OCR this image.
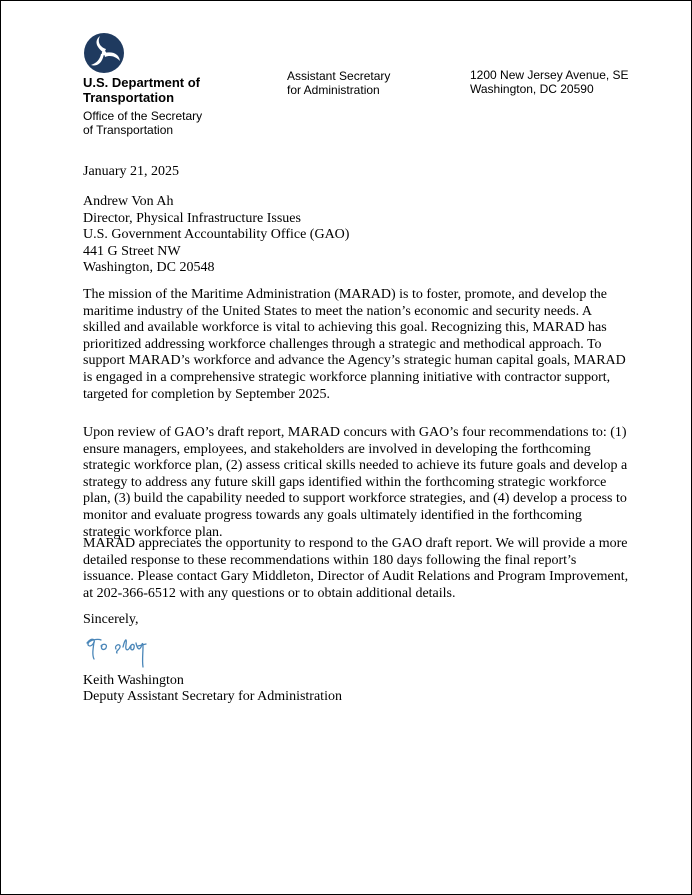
U.S. Department of
Transportation
Office of the Secretary
of Transportation
Assistant Secretary
for Administration
1200 New Jersey Avenue, SE
Washington, DC 20590
January 21, 2025
Andrew Von Ah
Director, Physical Infrastructure Issues
U.S. Government Accountability Office (GAO)
441 G Street NW
Washington, DC 20548
The mission of the Maritime Administration (MARAD) is to foster, promote, and develop the
maritime industry of the United States to meet the nation’s economic and security needs. A
skilled and available workforce is vital to achieving this goal. Recognizing this, MARAD has
prioritized addressing workforce challenges through a strategic and methodical approach. To
support MARAD’s workforce and advance the Agency’s strategic human capital goals, MARAD
is engaged in a comprehensive strategic workforce planning initiative with contractor support,
targeted for completion by September 2025.
Upon review of GAO’s draft report, MARAD concurs with GAO’s four recommendations to: (1)
ensure managers, employees, and stakeholders are involved in developing the forthcoming
strategic workforce plan, (2) assess critical skills needed to achieve its future goals and develop a
strategy to address any future skill gaps identified within the forthcoming strategic workforce
plan, (3) build the capability needed to support workforce strategies, and (4) develop a process to
monitor and evaluate progress towards any goals ultimately identified in the forthcoming
strategic workforce plan.
MARAD appreciates the opportunity to respond to the GAO draft report. We will provide a more
detailed response to these recommendations within 180 days following the final report’s
issuance. Please contact Gary Middleton, Director of Audit Relations and Program Improvement,
at 202-366-6512 with any questions or to obtain additional details.
Sincerely,
Keith Washington
Deputy Assistant Secretary for Administration
